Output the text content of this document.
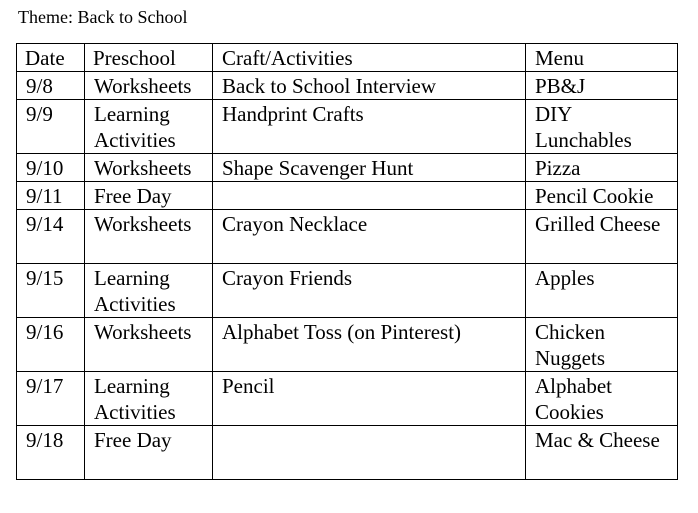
Theme: Back to School
Date	Preschool	Craft/Activities	Menu
9/8	Worksheets	Back to School Interview	PB&J
9/9	Learning Activities	Handprint Crafts	DIY Lunchables
9/10	Worksheets	Shape Scavenger Hunt	Pizza
9/11	Free Day		Pencil Cookie
9/14	Worksheets	Crayon Necklace	Grilled Cheese
9/15	Learning Activities	Crayon Friends	Apples
9/16	Worksheets	Alphabet Toss (on Pinterest)	Chicken Nuggets
9/17	Learning Activities	Pencil	Alphabet Cookies
9/18	Free Day		Mac & Cheese
